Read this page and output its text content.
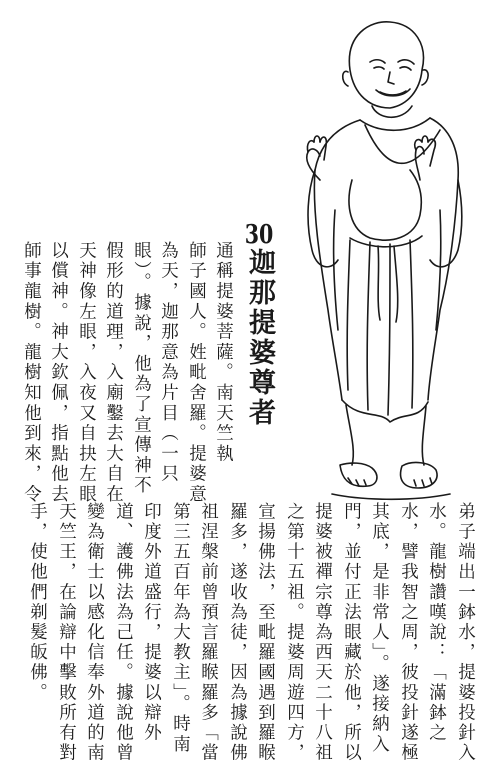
通稱提婆菩薩。南天竺執
師子國人。姓毗舍羅。提婆意
為天，迦那意為片目（一只
眼）。據說，他為了宣傳神不
假形的道理，入廟鑿去大自在
天神像左眼，入夜又自抉左眼
以償神。神大欽佩，指點他去
師事龍樹。龍樹知他到來，令
30迦那提婆尊者
弟子端出一鉢水，提婆投針入
水。龍樹讚嘆說：「滿鉢之
水，譬我智之周，彼投針遂極
其底，是非常人」。遂接納入
門，並付正法眼藏於他，所以
提婆被禪宗尊為西天二十八祖
之第十五祖。提婆周遊四方，
宣揚佛法，至毗羅國遇到羅睺
羅多，遂收為徒，因為據說佛
祖涅槃前曾預言羅睺羅多「當
第三五百年為大教主」。時南
印度外道盛行，提婆以辯外
道、護佛法為己任。據說他曾
變為衛士以感化信奉外道的南
天竺王，在論辯中擊敗所有對
手，使他們剃髮皈佛。
